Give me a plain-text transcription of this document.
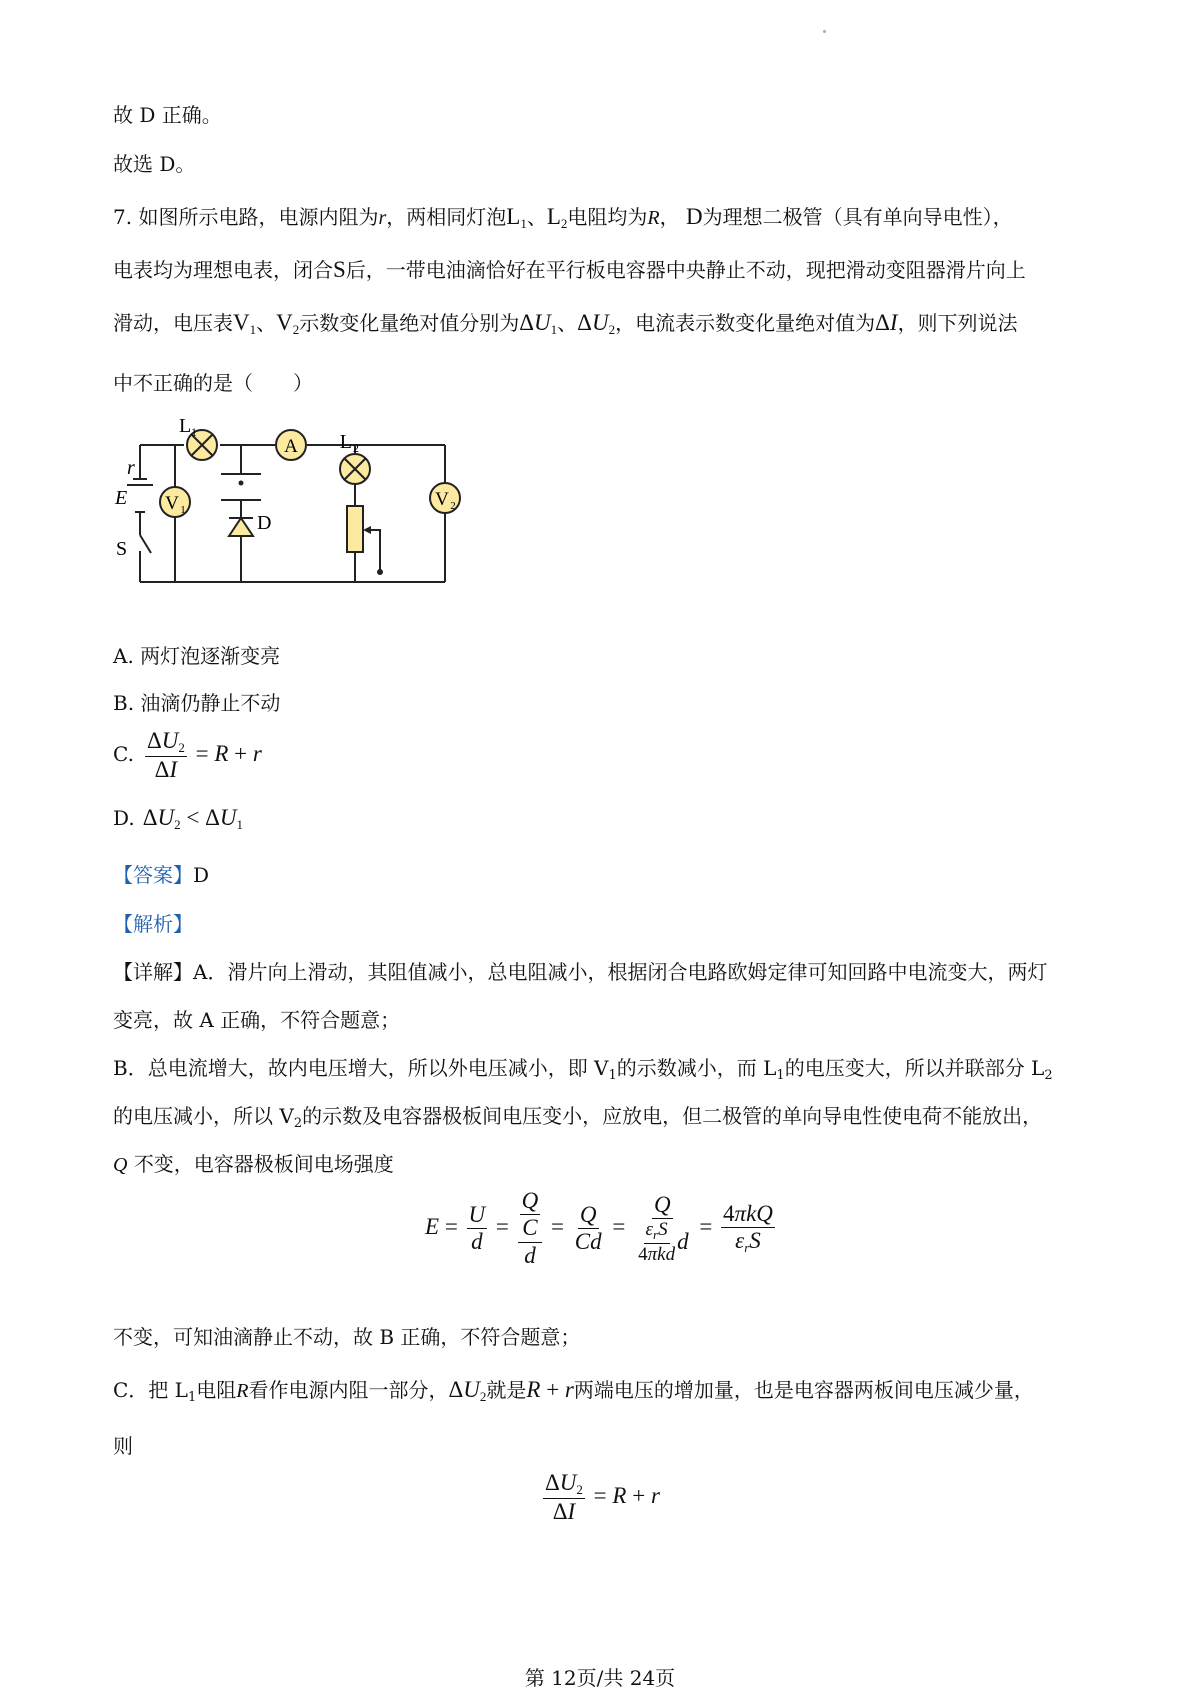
故 D 正确。
故选 D。
7. 如图所示电路，电源内阻为r，两相同灯泡$L_1$、$L_2$电阻均为R， D为理想二极管（具有单向导电性），
电表均为理想电表，闭合S后，一带电油滴恰好在平行板电容器中央静止不动，现把滑动变阻器滑片向上
滑动，电压表$V_1$、$V_2$示数变化量绝对值分别为$\Delta U_1$、$\Delta U_2$，电流表示数变化量绝对值为ΔI，则下列说法
中不正确的是（　　）
A
V 1	V 2
L 1	L 2
r
E
S
D
A. 两灯泡逐渐变亮
B. 油滴仍静止不动
C. $\frac{\Delta U_2}{\Delta I} = R + r$
D. $\Delta U_2 < \Delta U_1$
【答案】D
【解析】
【详解】A．滑片向上滑动，其阻值减小，总电阻减小，根据闭合电路欧姆定律可知回路中电流变大，两灯
变亮，故 A 正确，不符合题意；
B．总电流增大，故内电压增大，所以外电压减小，即 $V_1$的示数减小，而 $L_1$的电压变大，所以并联部分 $L_2$
的电压减小，所以 $V_2$的示数及电容器极板间电压变小，应放电，但二极管的单向导电性使电荷不能放出，
Q 不变，电容器极板间电场强度
$E = \frac{U}{d} = \frac{\frac{Q}{C}}{d} = \frac{Q}{Cd} = \frac{Q}{\frac{\varepsilon_rS}{\text{4πkd}} d} = \frac{\text{4πkQ}}{\varepsilon_rS}$
不变，可知油滴静止不动，故 B 正确，不符合题意；
C．把 $L_1$电阻R看作电源内阻一部分，$\Delta U_2$就是R + r两端电压的增加量，也是电容器两板间电压减少量，
则
$\frac{\Delta U_2}{\Delta I} = R + r$
第 12页/共 24页
